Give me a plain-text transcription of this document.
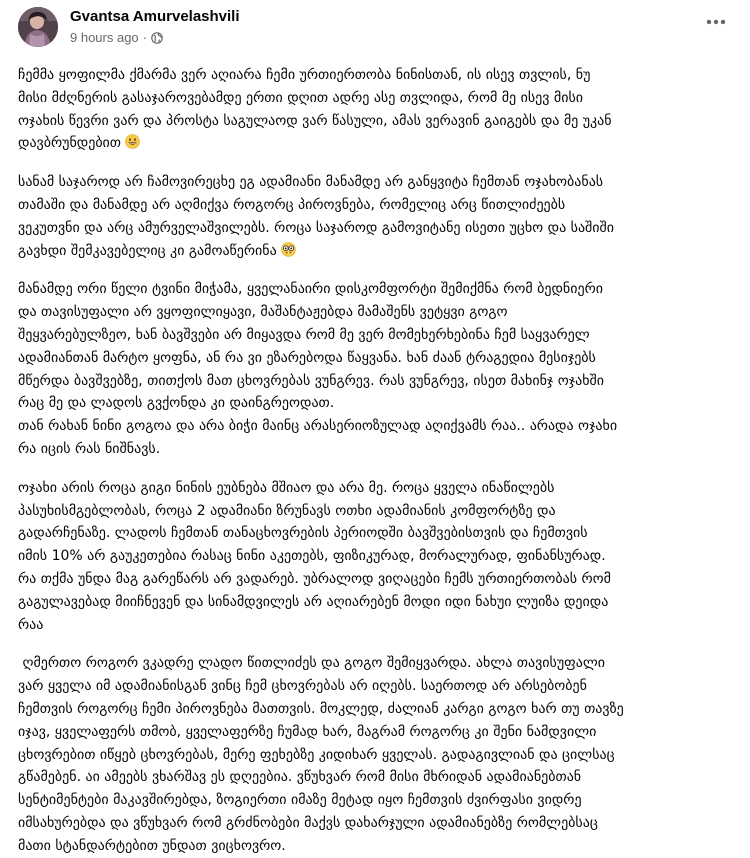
Gvantsa Amurvelashvili
9 hours ago ·

ჩემმა ყოფილმა ქმარმა ვერ აღიარა ჩემი ურთიერთობა ნინისთან, ის ისევ თვლის, ნუ
მისი მძღნერის გასაჯაროვებამდე ერთი დღით ადრე ასე თვლიდა, რომ მე ისევ მისი
ოჯახის წევრი ვარ და პროსტა საგულაოდ ვარ წასული, ამას ვერავინ გაიგებს და მე უკან
დავბრუნდებით

სანამ საჯაროდ არ ჩამოვირეცხე ეგ ადამიანი მანამდე არ განყვიტა ჩემთან ოჯახობანას
თამაში და მანამდე არ აღმიქვა როგორც პიროვნება, რომელიც არც წითლიძეებს
ვეკუთვნი და არც ამურველაშვილებს. როცა საჯაროდ გამოვიტანე ისეთი უცხო და საშიში
გავხდი შემკავებელიც კი გამოაწერინა

მანამდე ორი წელი ტვინი მიჭამა, ყველანაირი დისკომფორტი შემიქმნა რომ ბედნიერი
და თავისუფალი არ ვყოფილიყავი, მაშანტაჟებდა მამაშენს ვეტყვი გოგო
შეყვარებულზეო, ხან ბავშვები არ მიყავდა რომ მე ვერ მომეხერხებინა ჩემ საყვარელ
ადამიანთან მარტო ყოფნა, ან რა ვი ეზარებოდა წაყვანა. ხან ძაან ტრაგედია მესიჯებს
მწერდა ბავშვებზე, თითქოს მათ ცხოვრებას ვუნგრევ. რას ვუნგრევ, ისეთ მახინჯ ოჯახში
რაც მე და ლადოს გვქონდა კი დაინგრეოდათ.
თან რახან ნინი გოგოა და არა ბიჭი მაინც არასერიოზულად აღიქვამს რაა.. არადა ოჯახი
რა იცის რას ნიშნავს.

ოჯახი არის როცა გიგი ნინის ეუბნება მშიაო და არა მე. როცა ყველა ინაწილებს
პასუხისმგებლობას, როცა 2 ადამიანი ზრუნავს ოთხი ადამიანის კომფორტზე და
გადარჩენაზე. ლადოს ჩემთან თანაცხოვრების პერიოდში ბავშვებისთვის და ჩემთვის
იმის 10% არ გაუკეთებია რასაც ნინი აკეთებს, ფიზიკურად, მორალურად, ფინანსურად.
რა თქმა უნდა მაგ გარეწარს არ ვადარებ. უბრალოდ ვიღაცები ჩემს ურთიერთობას რომ
გაგულავებად მიიჩნევენ და სინამდვილეს არ აღიარებენ მოდი იდი ნახუი ლუიზა დეიდა
რაა

ღმერთო როგორ ვკადრე ლადო წითლიძეს და გოგო შემიყვარდა. ახლა თავისუფალი
ვარ ყველა იმ ადამიანისგან ვინც ჩემ ცხოვრებას არ იღებს. საერთოდ არ არსებობენ
ჩემთვის როგორც ჩემი პიროვნება მათთვის. მოკლედ, ძალიან კარგი გოგო ხარ თუ თავზე
იჯავ, ყველაფერს თმობ, ყველაფერზე ჩუმად ხარ, მაგრამ როგორც კი შენი ნამდვილი
ცხოვრებით იწყებ ცხოვრებას, მერე ფეხებზე კიდიხარ ყველას. გადაგივლიან და ცილსაც
გწამებენ. აი ამეებს ვხარშავ ეს დღეებია. ვწუხვარ რომ მისი მხრიდან ადამიანებთან
სენტიმენტები მაკავშირებდა, ზოგიერთი იმაზე მეტად იყო ჩემთვის ძვირფასი ვიდრე
იმსახურებდა და ვწუხვარ რომ გრძნობები მაქვს დახარჯული ადამიანებზე რომლებსაც
მათი სტანდარტებით უნდათ ვიცხოვრო.
